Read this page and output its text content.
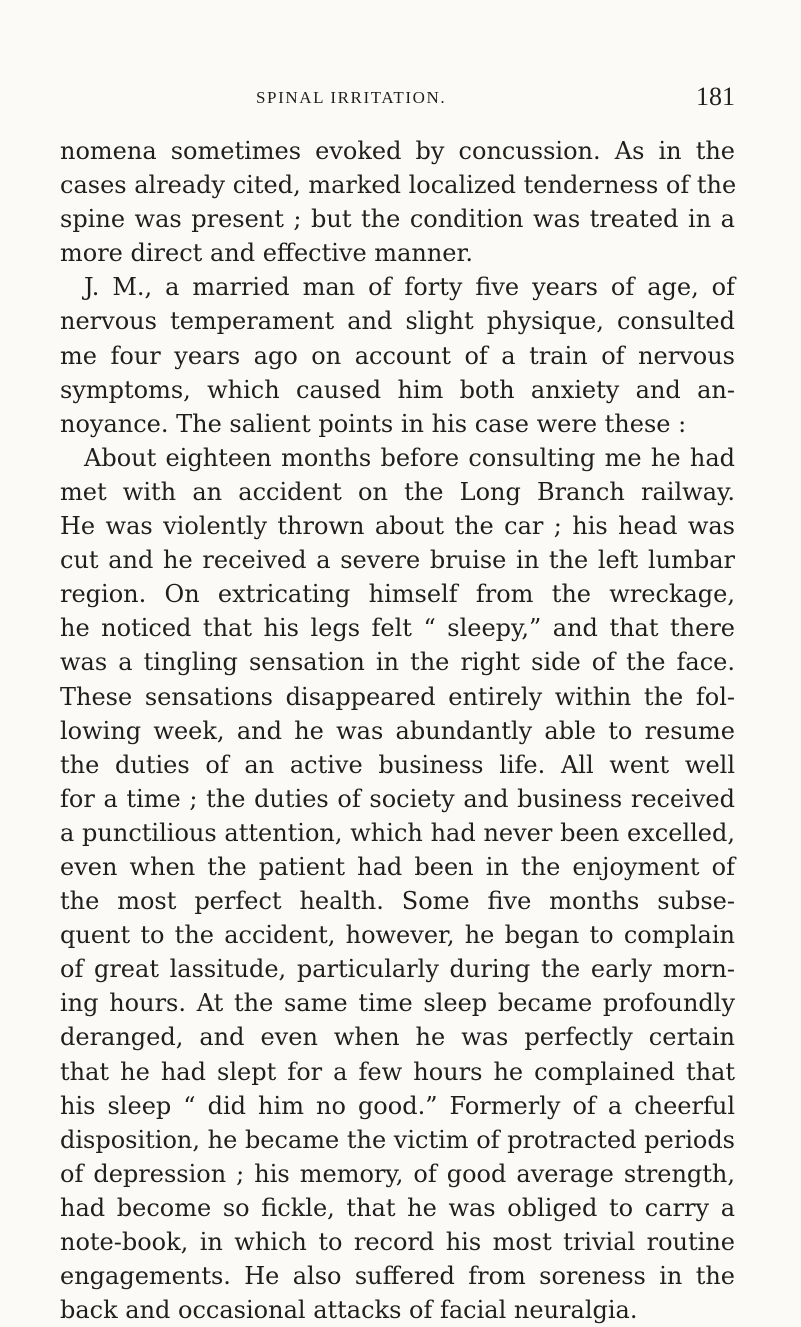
SPINAL IRRITATION.	181
nomena sometimes evoked by concussion. As in the
cases already cited, marked localized tenderness of the
spine was present ; but the condition was treated in a
more direct and effective manner.
J. M., a married man of forty five years of age, of
nervous temperament and slight physique, consulted
me four years ago on account of a train of nervous
symptoms, which caused him both anxiety and an-
noyance. The salient points in his case were these :
About eighteen months before consulting me he had
met with an accident on the Long Branch railway.
He was violently thrown about the car ; his head was
cut and he received a severe bruise in the left lumbar
region. On extricating himself from the wreckage,
he noticed that his legs felt “ sleepy,” and that there
was a tingling sensation in the right side of the face.
These sensations disappeared entirely within the fol-
lowing week, and he was abundantly able to resume
the duties of an active business life. All went well
for a time ; the duties of society and business received
a punctilious attention, which had never been excelled,
even when the patient had been in the enjoyment of
the most perfect health. Some five months subse-
quent to the accident, however, he began to complain
of great lassitude, particularly during the early morn-
ing hours. At the same time sleep became profoundly
deranged, and even when he was perfectly certain
that he had slept for a few hours he complained that
his sleep “ did him no good.” Formerly of a cheerful
disposition, he became the victim of protracted periods
of depression ; his memory, of good average strength,
had become so fickle, that he was obliged to carry a
note-book, in which to record his most trivial routine
engagements. He also suffered from soreness in the
back and occasional attacks of facial neuralgia.
